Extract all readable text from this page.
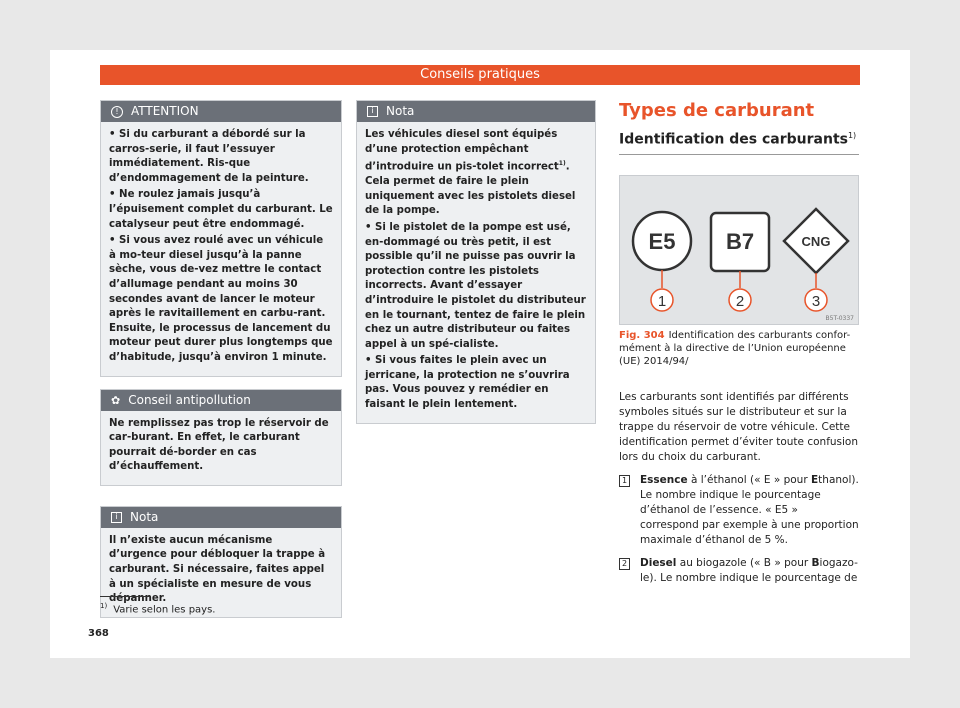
Conseils pratiques
!	ATTENTION

• Si du carburant a débordé sur la carros-serie, il faut l’essuyer immédiatement. Ris-que d’endommagement de la peinture.

• Ne roulez jamais jusqu’à l’épuisement complet du carburant. Le catalyseur peut être endommagé.

• Si vous avez roulé avec un véhicule à mo-teur diesel jusqu’à la panne sèche, vous de-vez mettre le contact d’allumage pendant au moins 30 secondes avant de lancer le moteur après le ravitaillement en carbu-rant. Ensuite, le processus de lancement du moteur peut durer plus longtemps que d’habitude, jusqu’à environ 1 minute.

✿ Conseil antipollution

Ne remplissez pas trop le réservoir de car-burant. En effet, le carburant pourrait dé-border en cas d’échauffement.

i	Nota

Il n’existe aucun mécanisme d’urgence pour débloquer la trappe à carburant. Si nécessaire, faites appel à un spécialiste en mesure de vous dépanner.

i	Nota

Les véhicules diesel sont équipés d’une protection empêchant d’introduire un pis-tolet incorrect$^{1)}$. Cela permet de faire le plein uniquement avec les pistolets diesel de la pompe.

• Si le pistolet de la pompe est usé, en-dommagé ou très petit, il est possible qu’il ne puisse pas ouvrir la protection contre les pistolets incorrects. Avant d’essayer d’introduire le pistolet du distributeur en le tournant, tentez de faire le plein chez un autre distributeur ou faites appel à un spé-cialiste.

• Si vous faites le plein avec un jerricane, la protection ne s’ouvrira pas. Vous pouvez y remédier en faisant le plein lentement.

Types de carburant
Identification des carburants$^{1)}$
E5 B7	CNG
1	2	3
B5T-0337
Fig. 304 Identification des carburants confor-mément à la directive de l’Union européenne (UE) 2014/94/
Les carburants sont identifiés par différents symboles situés sur le distributeur et sur la trappe du réservoir de votre véhicule. Cette identification permet d’éviter toute confusion lors du choix du carburant.
1 Essence à l’éthanol (« E » pour Ethanol). Le nombre indique le pourcentage d’éthanol de l’essence. « E5 » correspond par exemple à une proportion maximale d’éthanol de 5 %.
2 Diesel au biogazole (« B » pour Biogazo-le). Le nombre indique le pourcentage de
$^{1)}$ Varie selon les pays.
368
